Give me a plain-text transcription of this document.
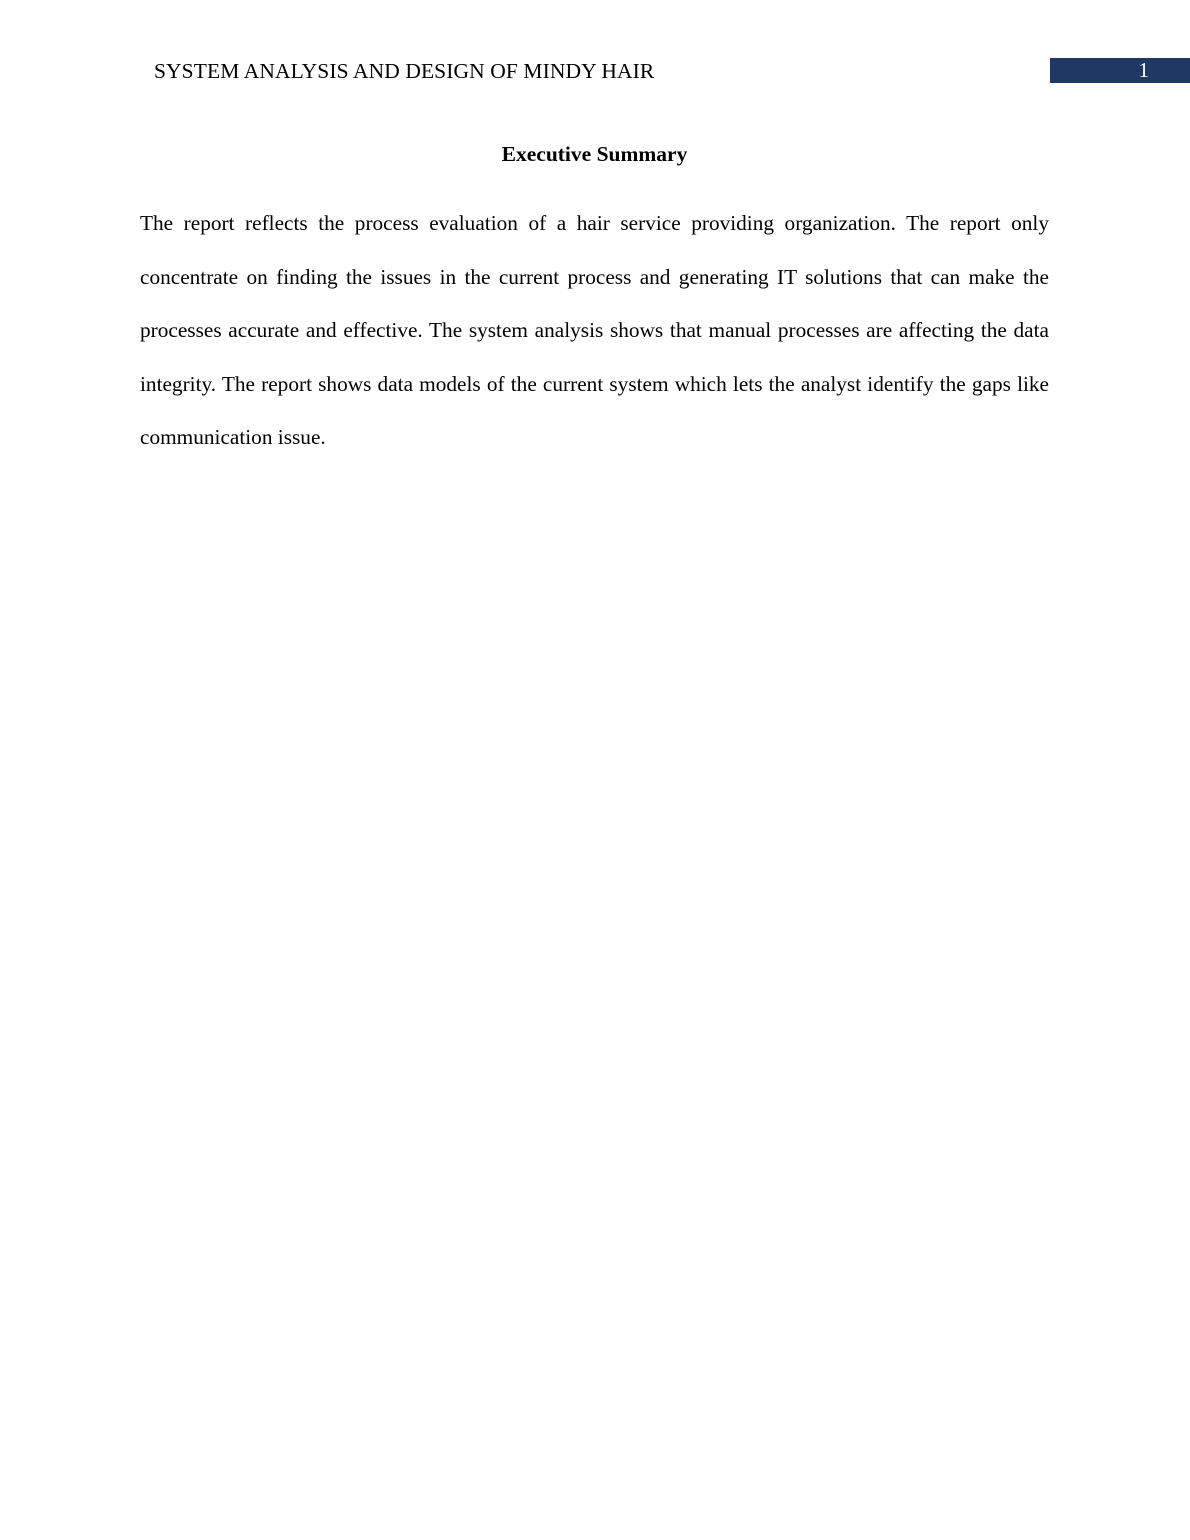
SYSTEM ANALYSIS AND DESIGN OF MINDY HAIR	1
Executive Summary

The report reflects the process evaluation of a hair service providing organization. The report only concentrate on finding the issues in the current process and generating IT solutions that can make the processes accurate and effective. The system analysis shows that manual processes are affecting the data integrity. The report shows data models of the current system which lets the analyst identify the gaps like communication issue.
